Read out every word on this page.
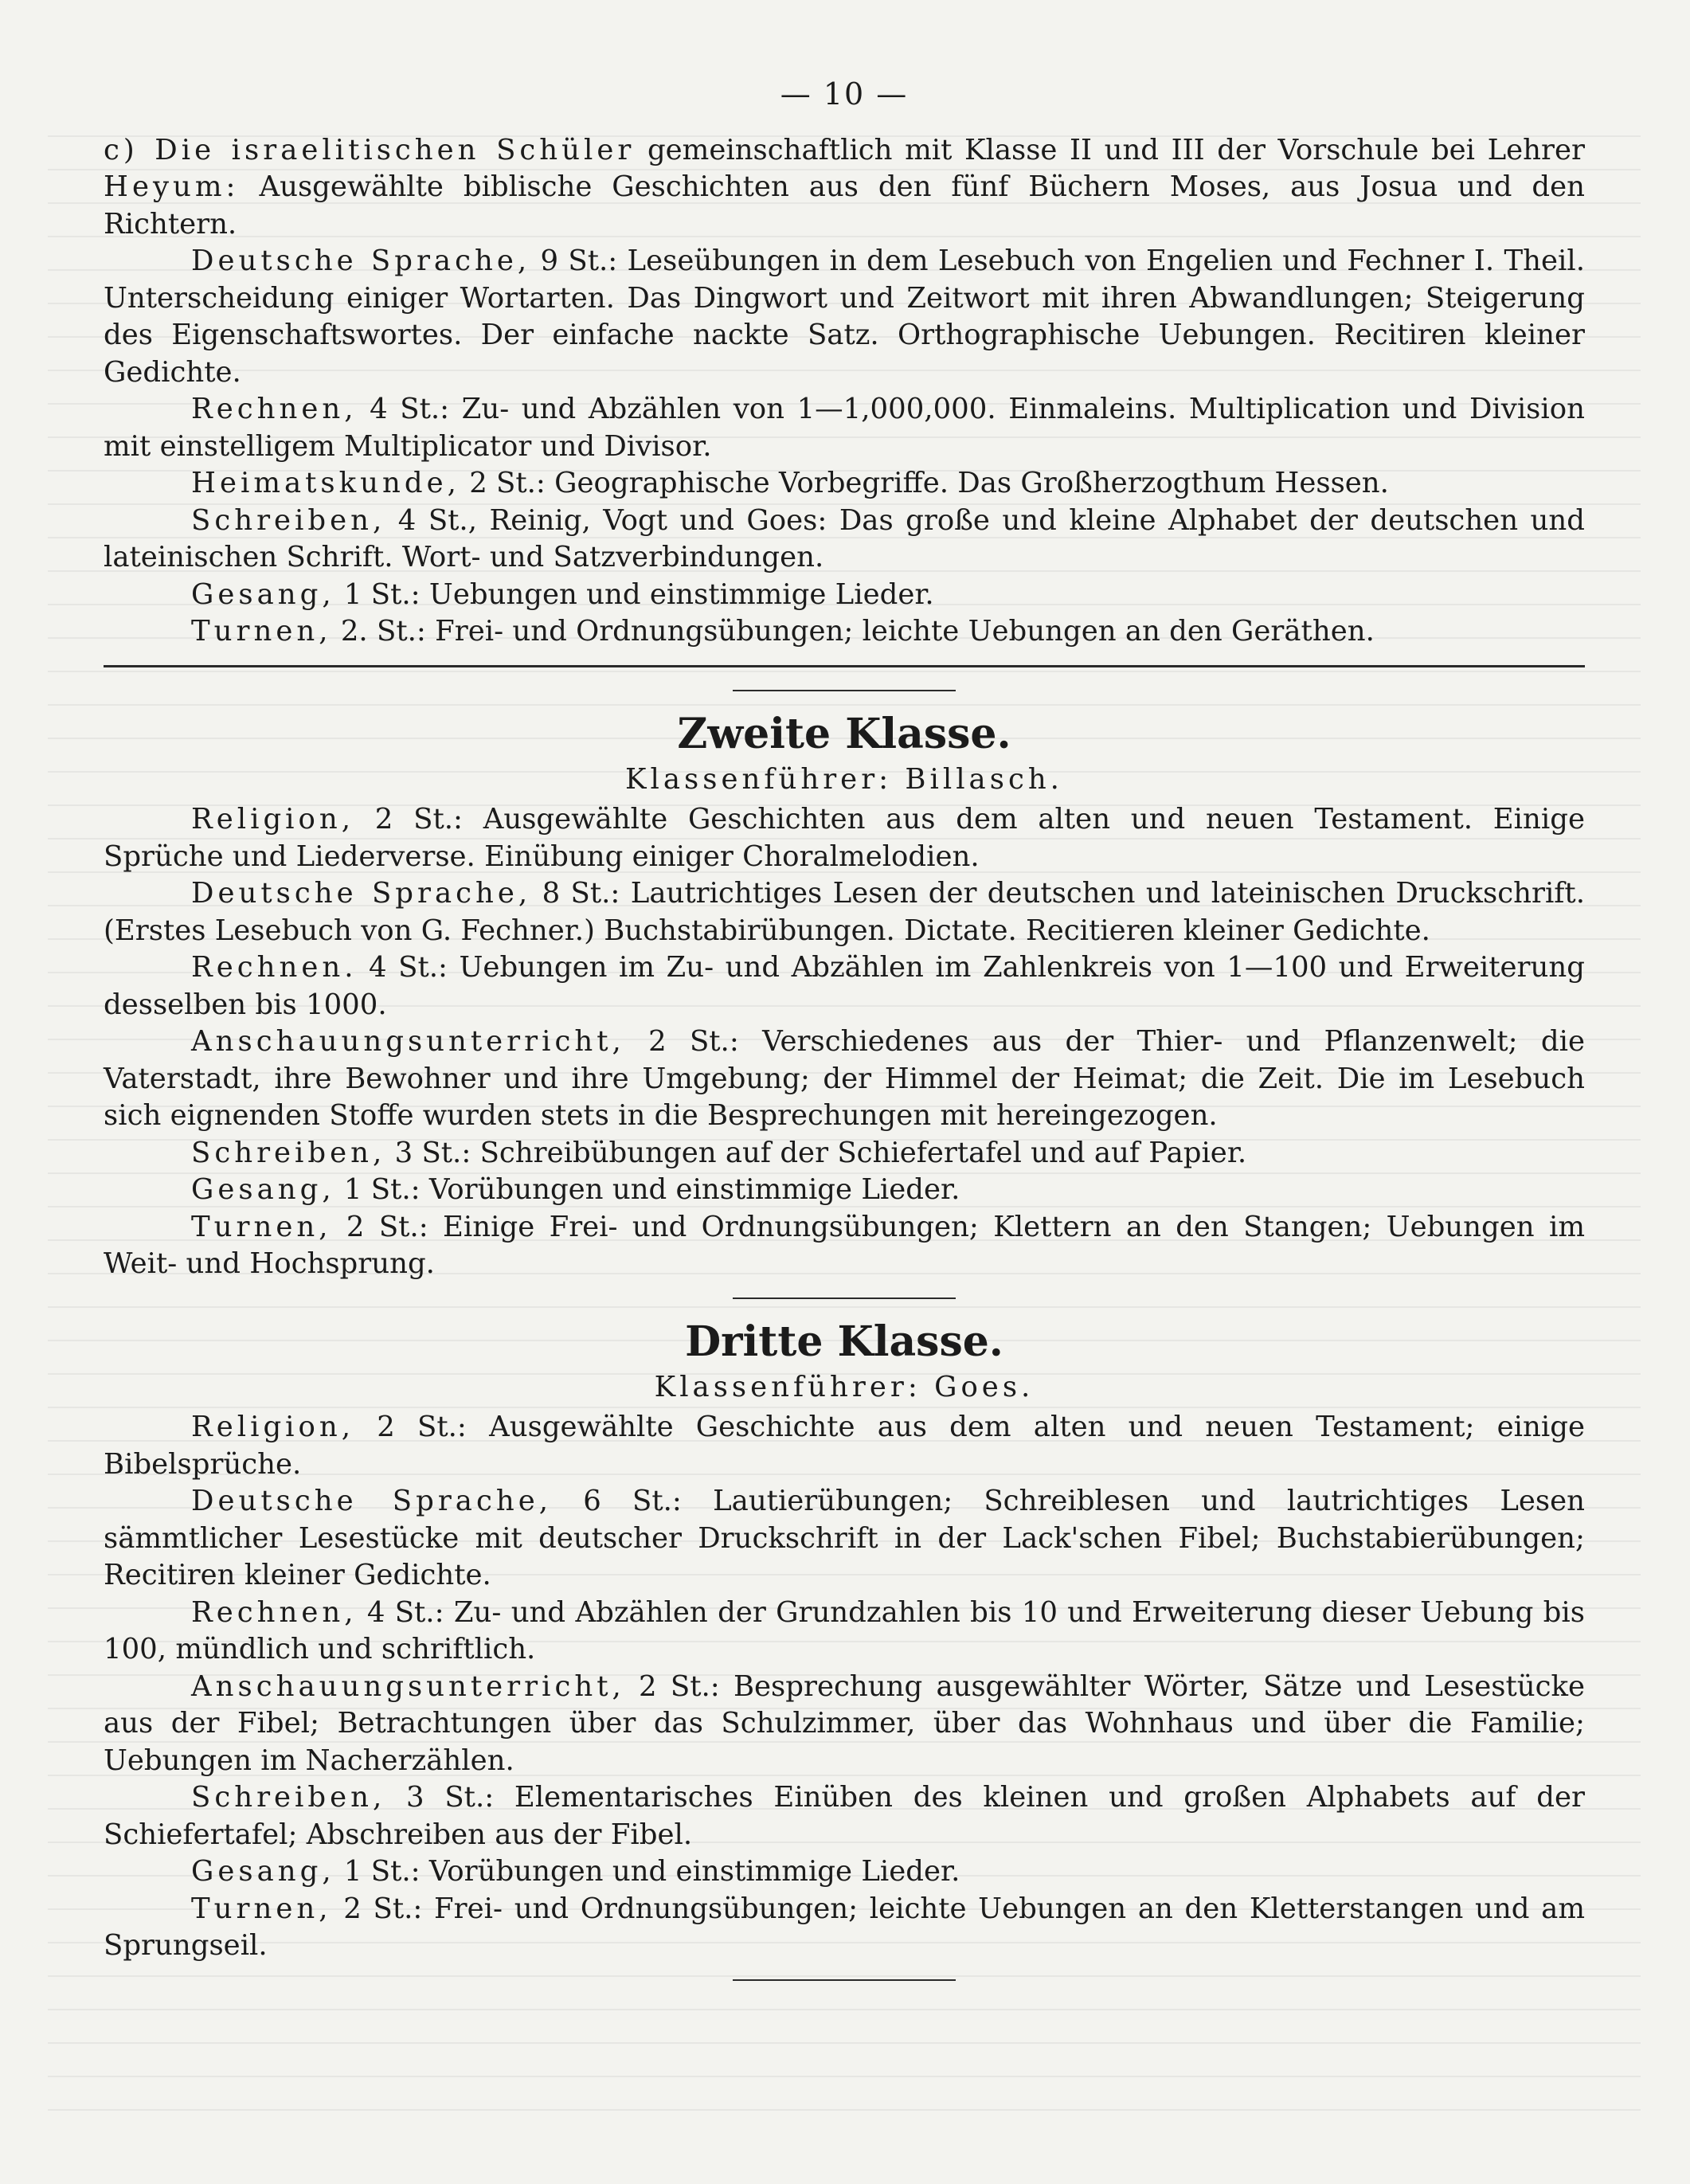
— 10 —

c) Die israelitischen Schüler gemeinschaftlich mit Klasse II und III der Vorschule bei Lehrer Heyum: Ausgewählte biblische Geschichten aus den fünf Büchern Moses, aus Josua und den Richtern.

Deutsche Sprache, 9 St.: Leseübungen in dem Lesebuch von Engelien und Fechner I. Theil. Unterscheidung einiger Wortarten. Das Dingwort und Zeitwort mit ihren Abwandlungen; Steigerung des Eigenschaftswortes. Der einfache nackte Satz. Orthographische Uebungen. Recitiren kleiner Gedichte.

Rechnen, 4 St.: Zu- und Abzählen von 1—1,000,000. Einmaleins. Multiplication und Division mit einstelligem Multiplicator und Divisor.

Heimatskunde, 2 St.: Geographische Vorbegriffe. Das Großherzogthum Hessen.

Schreiben, 4 St., Reinig, Vogt und Goes: Das große und kleine Alphabet der deutschen und lateinischen Schrift. Wort- und Satzverbindungen.

Gesang, 1 St.: Uebungen und einstimmige Lieder.

Turnen, 2. St.: Frei- und Ordnungsübungen; leichte Uebungen an den Geräthen.

Zweite Klasse.
Klassenführer: Billasch.

Religion, 2 St.: Ausgewählte Geschichten aus dem alten und neuen Testament. Einige Sprüche und Liederverse. Einübung einiger Choralmelodien.

Deutsche Sprache, 8 St.: Lautrichtiges Lesen der deutschen und lateinischen Druckschrift. (Erstes Lesebuch von G. Fechner.) Buchstabirübungen. Dictate. Recitieren kleiner Gedichte.

Rechnen. 4 St.: Uebungen im Zu- und Abzählen im Zahlenkreis von 1—100 und Erweiterung desselben bis 1000.

Anschauungsunterricht, 2 St.: Verschiedenes aus der Thier- und Pflanzenwelt; die Vaterstadt, ihre Bewohner und ihre Umgebung; der Himmel der Heimat; die Zeit. Die im Lesebuch sich eignenden Stoffe wurden stets in die Besprechungen mit hereingezogen.

Schreiben, 3 St.: Schreibübungen auf der Schiefertafel und auf Papier.

Gesang, 1 St.: Vorübungen und einstimmige Lieder.

Turnen, 2 St.: Einige Frei- und Ordnungsübungen; Klettern an den Stangen; Uebungen im Weit- und Hochsprung.

Dritte Klasse.
Klassenführer: Goes.

Religion, 2 St.: Ausgewählte Geschichte aus dem alten und neuen Testament; einige Bibelsprüche.

Deutsche Sprache, 6 St.: Lautierübungen; Schreiblesen und lautrichtiges Lesen sämmtlicher Lesestücke mit deutscher Druckschrift in der Lack'schen Fibel; Buchstabierübungen; Recitiren kleiner Gedichte.

Rechnen, 4 St.: Zu- und Abzählen der Grundzahlen bis 10 und Erweiterung dieser Uebung bis 100, mündlich und schriftlich.

Anschauungsunterricht, 2 St.: Besprechung ausgewählter Wörter, Sätze und Lesestücke aus der Fibel; Betrachtungen über das Schulzimmer, über das Wohnhaus und über die Familie; Uebungen im Nacherzählen.

Schreiben, 3 St.: Elementarisches Einüben des kleinen und großen Alphabets auf der Schiefertafel; Abschreiben aus der Fibel.

Gesang, 1 St.: Vorübungen und einstimmige Lieder.

Turnen, 2 St.: Frei- und Ordnungsübungen; leichte Uebungen an den Kletterstangen und am Sprungseil.
